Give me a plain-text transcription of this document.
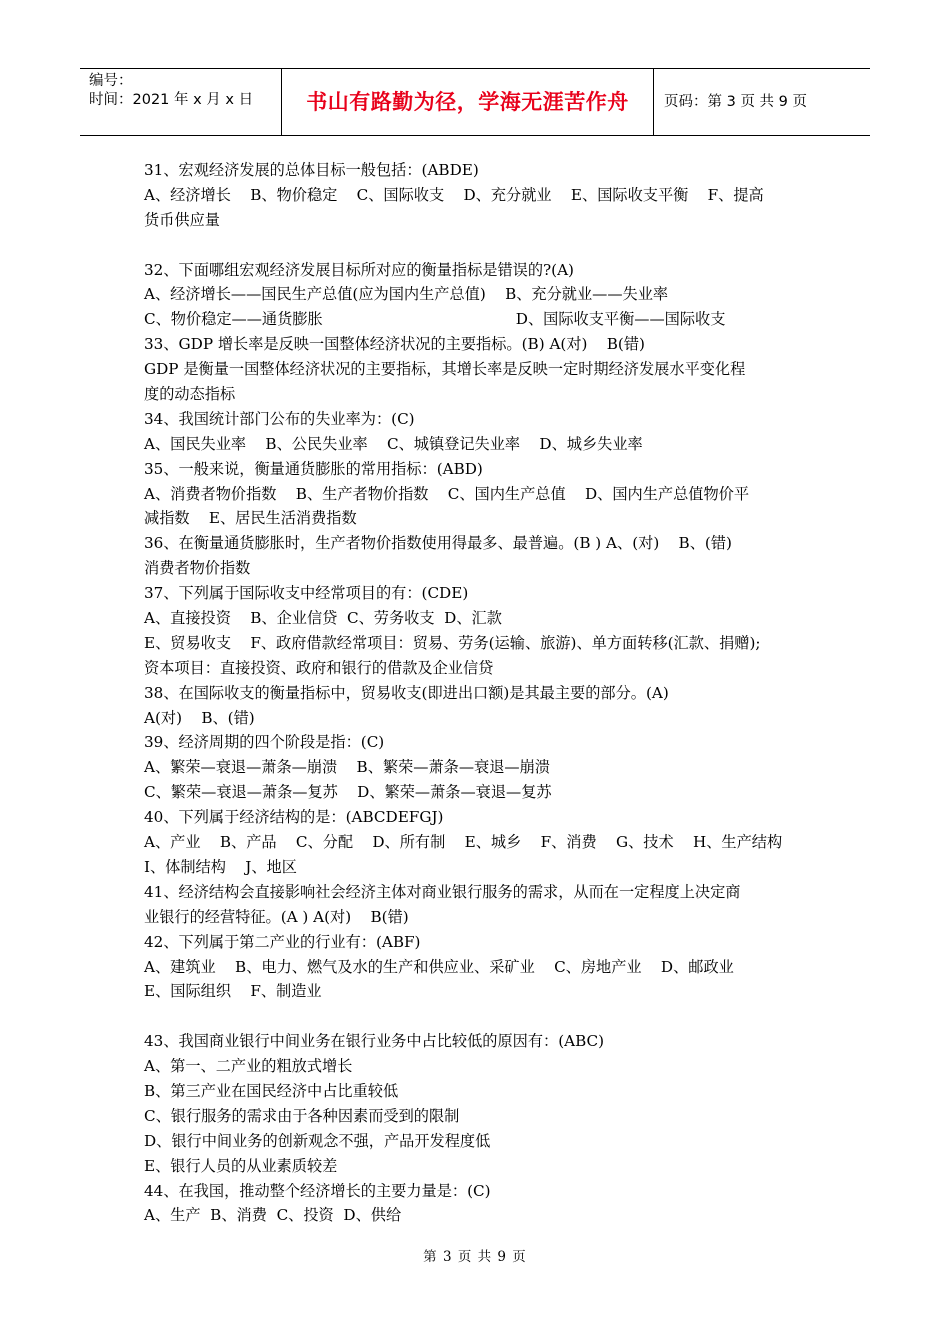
编号：
时间：2021 年 x 月 x 日	书山有路勤为径，学海无涯苦作舟	页码：第 3 页 共 9 页
31、宏观经济发展的总体目标一般包括：(ABDE)
A、经济增长    B、物价稳定    C、国际收支    D、充分就业    E、国际收支平衡    F、提高
货币供应量
32、下面哪组宏观经济发展目标所对应的衡量指标是错误的?(A)
A、经济增长——国民生产总值(应为国内生产总值)    B、充分就业——失业率
C、物价稳定——通货膨胀                                        D、国际收支平衡——国际收支
33、GDP 增长率是反映一国整体经济状况的主要指标。(B) A(对)    B(错)
GDP 是衡量一国整体经济状况的主要指标，其增长率是反映一定时期经济发展水平变化程
度的动态指标
34、我国统计部门公布的失业率为：(C)
A、国民失业率    B、公民失业率    C、城镇登记失业率    D、城乡失业率
35、一般来说，衡量通货膨胀的常用指标：(ABD)
A、消费者物价指数    B、生产者物价指数    C、国内生产总值    D、国内生产总值物价平
减指数    E、居民生活消费指数
36、在衡量通货膨胀时，生产者物价指数使用得最多、最普遍。(B ) A、(对)    B、(错)
消费者物价指数
37、下列属于国际收支中经常项目的有：(CDE)
A、直接投资    B、企业信贷  C、劳务收支  D、汇款
E、贸易收支    F、政府借款经常项目：贸易、劳务(运输、旅游)、单方面转移(汇款、捐赠);
资本项目：直接投资、政府和银行的借款及企业信贷
38、在国际收支的衡量指标中，贸易收支(即进出口额)是其最主要的部分。(A)
A(对)    B、(错)
39、经济周期的四个阶段是指：(C)
A、繁荣—衰退—萧条—崩溃    B、繁荣—萧条—衰退—崩溃
C、繁荣—衰退—萧条—复苏    D、繁荣—萧条—衰退—复苏
40、下列属于经济结构的是：(ABCDEFGJ)
A、产业    B、产品    C、分配    D、所有制    E、城乡    F、消费    G、技术    H、生产结构
I、体制结构    J、地区
41、经济结构会直接影响社会经济主体对商业银行服务的需求，从而在一定程度上决定商
业银行的经营特征。(A ) A(对)    B(错)
42、下列属于第二产业的行业有：(ABF)
A、建筑业    B、电力、燃气及水的生产和供应业、采矿业    C、房地产业    D、邮政业
E、国际组织    F、制造业
43、我国商业银行中间业务在银行业务中占比较低的原因有：(ABC)
A、第一、二产业的粗放式增长
B、第三产业在国民经济中占比重较低
C、银行服务的需求由于各种因素而受到的限制
D、银行中间业务的创新观念不强，产品开发程度低
E、银行人员的从业素质较差
44、在我国，推动整个经济增长的主要力量是：(C)
A、生产  B、消费  C、投资  D、供给
第 3 页 共 9 页
